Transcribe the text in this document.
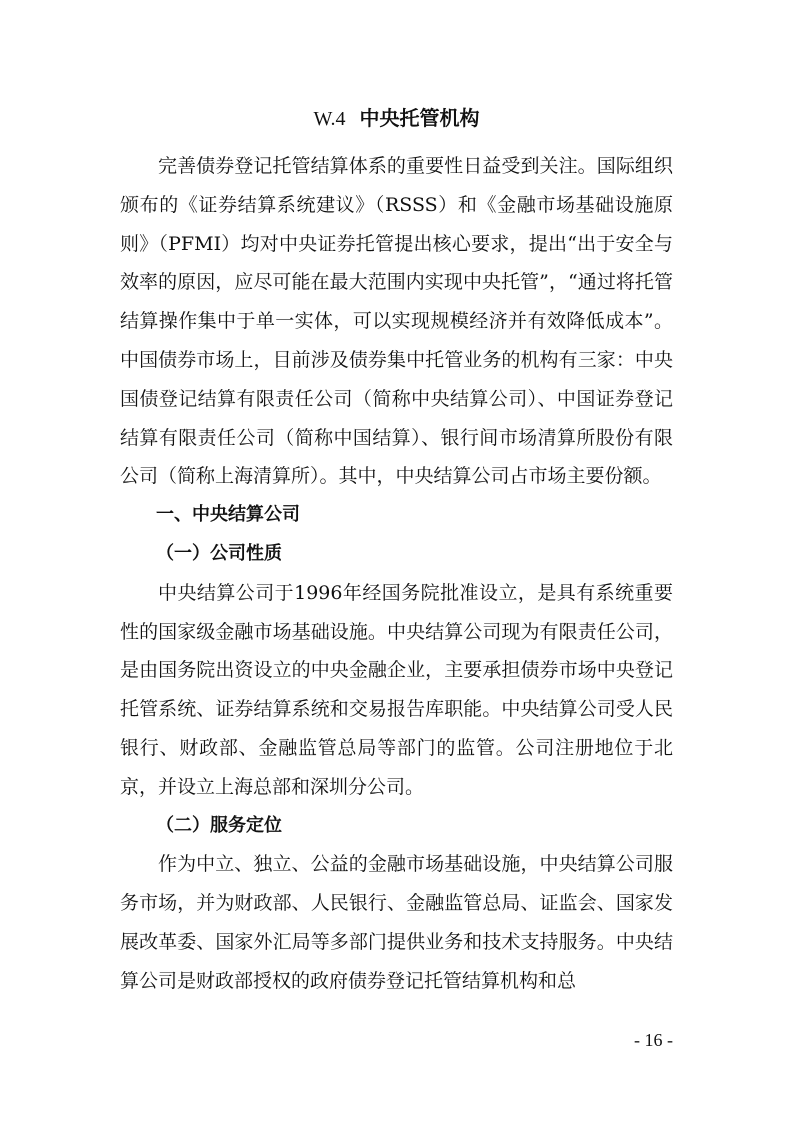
W.4 中央托管机构

完善债券登记托管结算体系的重要性日益受到关注。国际组织颁布的《证券结算系统建议》（RSSS）和《金融市场基础设施原则》（PFMI）均对中央证券托管提出核心要求，提出“出于安全与效率的原因，应尽可能在最大范围内实现中央托管”，“通过将托管结算操作集中于单一实体，可以实现规模经济并有效降低成本”。中国债券市场上，目前涉及债券集中托管业务的机构有三家：中央国债登记结算有限责任公司（简称中央结算公司）、中国证券登记结算有限责任公司（简称中国结算）、银行间市场清算所股份有限公司（简称上海清算所）。其中，中央结算公司占市场主要份额。

一、中央结算公司
（一）公司性质

中央结算公司于1996年经国务院批准设立，是具有系统重要性的国家级金融市场基础设施。中央结算公司现为有限责任公司，是由国务院出资设立的中央金融企业，主要承担债券市场中央登记托管系统、证券结算系统和交易报告库职能。中央结算公司受人民银行、财政部、金融监管总局等部门的监管。公司注册地位于北京，并设立上海总部和深圳分公司。

（二）服务定位

作为中立、独立、公益的金融市场基础设施，中央结算公司服务市场，并为财政部、人民银行、金融监管总局、证监会、国家发展改革委、国家外汇局等多部门提供业务和技术支持服务。中央结算公司是财政部授权的政府债券登记托管结算机构和总

- 16 -
